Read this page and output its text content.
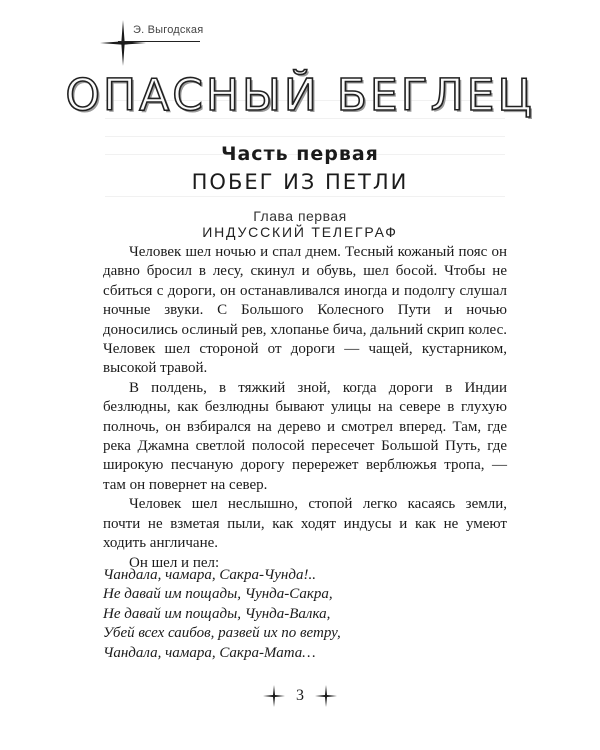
Э. Выгодская
ОПАСНЫЙ БЕГЛЕЦ
Часть первая
ПОБЕГ ИЗ ПЕТЛИ
Глава первая
ИНДУССКИЙ ТЕЛЕГРАФ

Человек шел ночью и спал днем. Тесный кожаный пояс он давно бросил в лесу, скинул и обувь, шел босой. Чтобы не сбиться с дороги, он останавливался иногда и подолгу слушал ночные звуки. С Большого Колесного Пути и ночью доносились ослиный рев, хлопанье бича, дальний скрип колес. Человек шел стороной от дороги — чащей, кустарником, высокой травой.

В полдень, в тяжкий зной, когда дороги в Индии безлюдны, как безлюдны бывают улицы на севере в глухую полночь, он взбирался на дерево и смотрел вперед. Там, где река Джамна светлой полосой пересечет Большой Путь, где широкую песчаную дорогу перережет верблюжья тропа, — там он повернет на север.

Человек шел неслышно, стопой легко касаясь земли, почти не взметая пыли, как ходят индусы и как не умеют ходить англичане.

Он шел и пел:

Чандала, чамара, Сакра-Чунда!..
Не давай им пощады, Чунда-Сакра,
Не давай им пощады, Чунда-Валка,
Убей всех саибов, развей их по ветру,
Чандала, чамара, Сакра-Мата…
3
